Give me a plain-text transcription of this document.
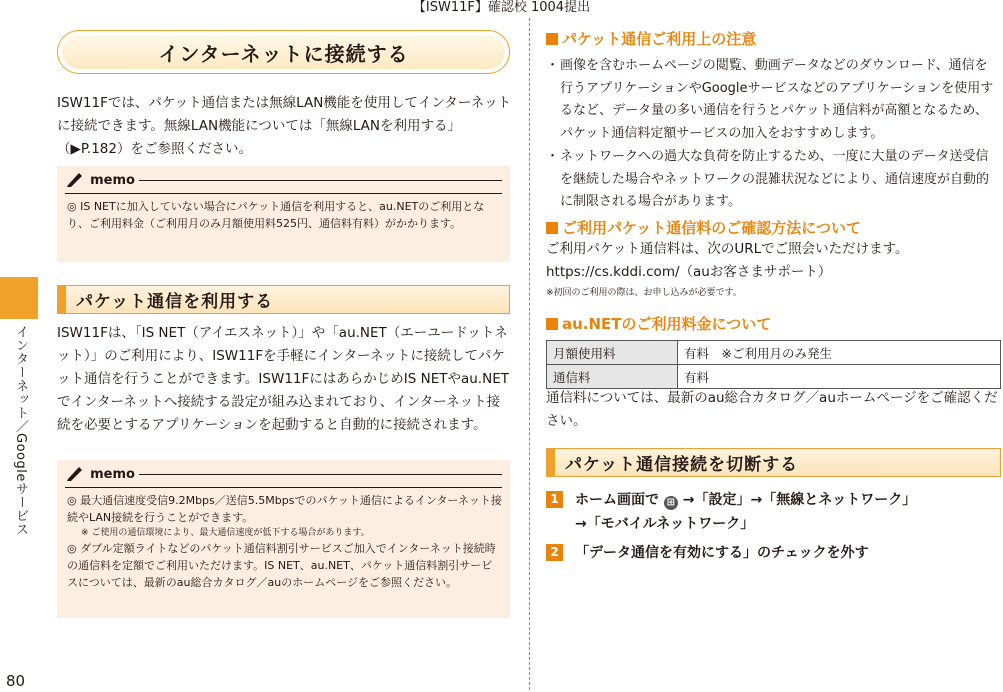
【ISW11F】確認校 1004提出
インターネット／Googleサービス
80
インターネットに接続する
ISW11Fでは、パケット通信または無線LAN機能を使用してインターネットに接続できます。無線LAN機能については「無線LANを利用する」（▶P.182）をご参照ください。
$^{memo}$
◎ IS NETに加入していない場合にパケット通信を利用すると、au.NETのご利用となり、ご利用料金（ご利用月のみ月額使用料525円、通信料有料）がかかります。
パケット通信を利用する
ISW11Fは、「IS NET（アイエスネット）」や「au.NET（エーユードットネット）」のご利用により、ISW11Fを手軽にインターネットに接続してパケット通信を行うことができます。ISW11FにはあらかじめIS NETやau.NETでインターネットへ接続する設定が組み込まれており、インターネット接続を必要とするアプリケーションを起動すると自動的に接続されます。
$^{memo}$
◎ 最大通信速度受信9.2Mbps／送信5.5Mbpsでのパケット通信によるインターネット接続やLAN接続を行うことができます。
※ ご使用の通信環境により、最大通信速度が低下する場合があります。
◎ ダブル定額ライトなどのパケット通信料割引サービスご加入でインターネット接続時の通信料を定額でご利用いただけます。IS NET、au.NET、パケット通信料割引サービスについては、最新のau総合カタログ／auのホームページをご参照ください。
パケット通信ご利用上の注意
・ 画像を含むホームページの閲覧、動画データなどのダウンロード、通信を行うアプリケーションやGoogleサービスなどのアプリケーションを使用するなど、データ量の多い通信を行うとパケット通信料が高額となるため、パケット通信料定額サービスの加入をおすすめします。
・ ネットワークへの過大な負荷を防止するため、一度に大量のデータ送受信を継続した場合やネットワークの混雑状況などにより、通信速度が自動的に制限される場合があります。
ご利用パケット通信料のご確認方法について
ご利用パケット通信料は、次のURLでご照会いただけます。
https://cs.kddi.com/（auお客さまサポート）
※初回のご利用の際は、お申し込みが必要です。
au.NETのご利用料金について
月額使用料	有料　※ご利用月のみ発生
通信料	有料
通信料については、最新のau総合カタログ／auホームページをご確認ください。
パケット通信接続を切断する
1	ホーム画面で ⊞ →「設定」→「無線とネットワーク」
→「モバイルネットワーク」
2	「データ通信を有効にする」のチェックを外す
